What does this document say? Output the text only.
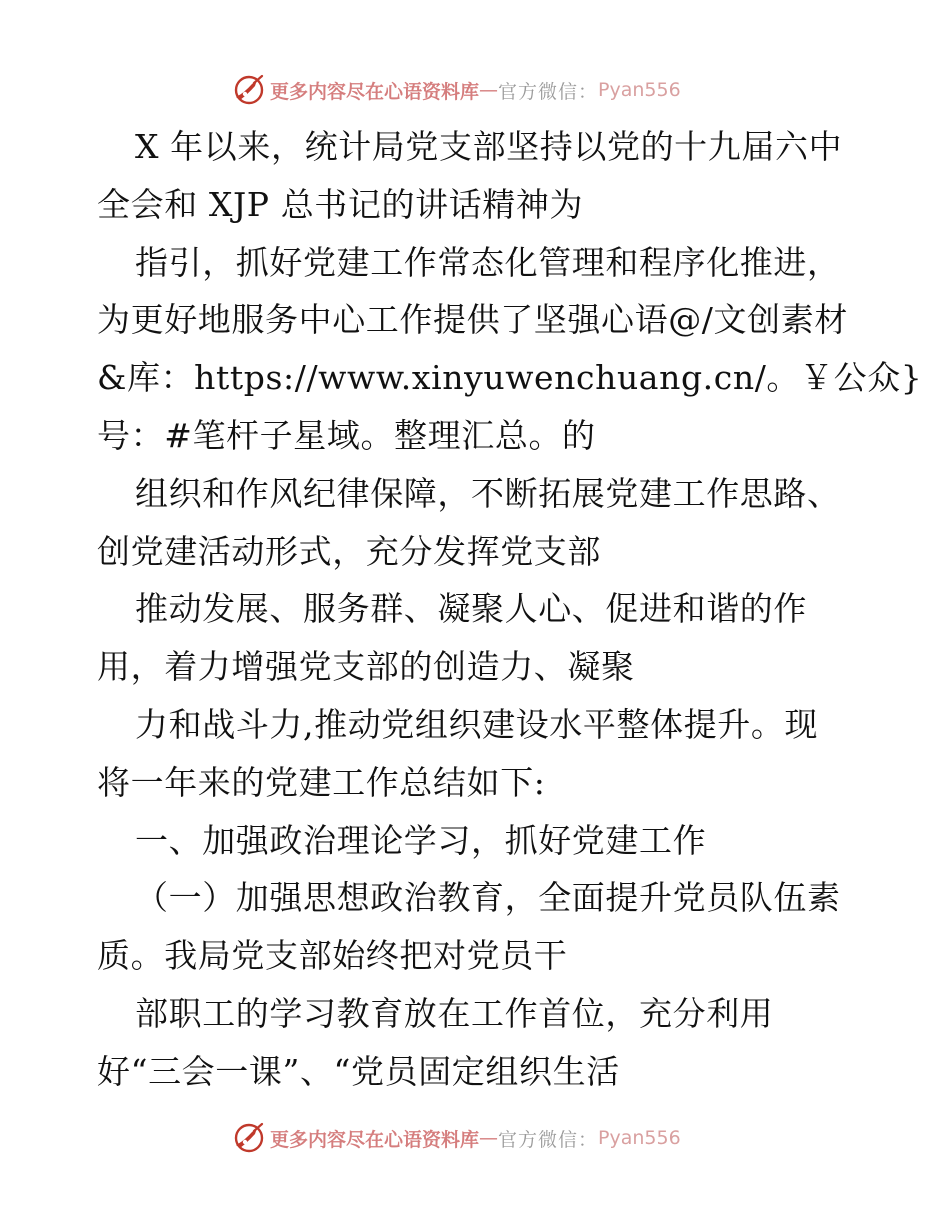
更多内容尽在心语资料库 — 官方微信： Pyan556
X 年以来，统计局党支部坚持以党的十九届六中
全会和 XJP 总书记的讲话精神为
指引，抓好党建工作常态化管理和程序化推进，
为更好地服务中心工作提供了坚强心语@/文创素材
&库：https://www.xinyuwenchuang.cn/。￥公众}
号：#笔杆子星域。整理汇总。的
组织和作风纪律保障，不断拓展党建工作思路、
创党建活动形式，充分发挥党支部
推动发展、服务群、凝聚人心、促进和谐的作
用，着力增强党支部的创造力、凝聚
力和战斗力,推动党组织建设水平整体提升。现
将一年来的党建工作总结如下:
一、加强政治理论学习，抓好党建工作
（一）加强思想政治教育，全面提升党员队伍素
质。我局党支部始终把对党员干
部职工的学习教育放在工作首位，充分利用
好“三会一课”、“党员固定组织生活
更多内容尽在心语资料库 — 官方微信： Pyan556
